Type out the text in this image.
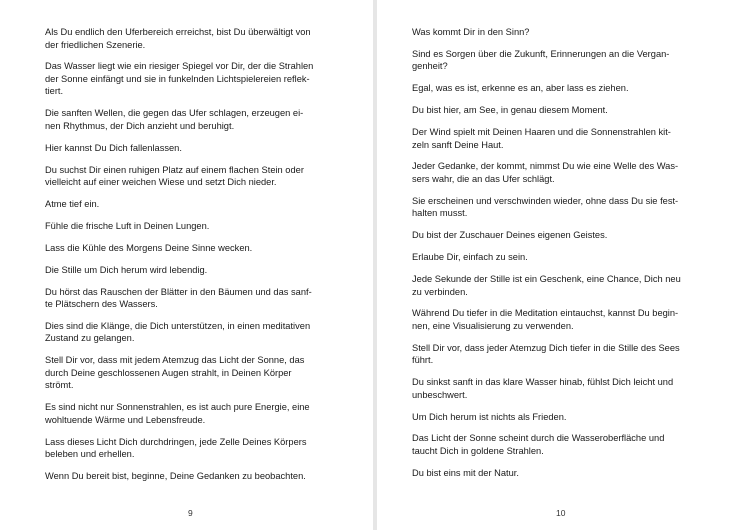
Als Du endlich den Uferbereich erreichst, bist Du überwältigt von
der friedlichen Szenerie.

Das Wasser liegt wie ein riesiger Spiegel vor Dir, der die Strahlen
der Sonne einfängt und sie in funkelnden Lichtspielereien reflek-
tiert.

Die sanften Wellen, die gegen das Ufer schlagen, erzeugen ei-
nen Rhythmus, der Dich anzieht und beruhigt.

Hier kannst Du Dich fallenlassen.

Du suchst Dir einen ruhigen Platz auf einem flachen Stein oder
vielleicht auf einer weichen Wiese und setzt Dich nieder.

Atme tief ein.

Fühle die frische Luft in Deinen Lungen.

Lass die Kühle des Morgens Deine Sinne wecken.

Die Stille um Dich herum wird lebendig.

Du hörst das Rauschen der Blätter in den Bäumen und das sanf-
te Plätschern des Wassers.

Dies sind die Klänge, die Dich unterstützen, in einen meditativen
Zustand zu gelangen.

Stell Dir vor, dass mit jedem Atemzug das Licht der Sonne, das
durch Deine geschlossenen Augen strahlt, in Deinen Körper
strömt.

Es sind nicht nur Sonnenstrahlen, es ist auch pure Energie, eine
wohltuende Wärme und Lebensfreude.

Lass dieses Licht Dich durchdringen, jede Zelle Deines Körpers
beleben und erhellen.

Wenn Du bereit bist, beginne, Deine Gedanken zu beobachten.

9

Was kommt Dir in den Sinn?

Sind es Sorgen über die Zukunft, Erinnerungen an die Vergan-
genheit?

Egal, was es ist, erkenne es an, aber lass es ziehen.

Du bist hier, am See, in genau diesem Moment.

Der Wind spielt mit Deinen Haaren und die Sonnenstrahlen kit-
zeln sanft Deine Haut.

Jeder Gedanke, der kommt, nimmst Du wie eine Welle des Was-
sers wahr, die an das Ufer schlägt.

Sie erscheinen und verschwinden wieder, ohne dass Du sie fest-
halten musst.

Du bist der Zuschauer Deines eigenen Geistes.

Erlaube Dir, einfach zu sein.

Jede Sekunde der Stille ist ein Geschenk, eine Chance, Dich neu
zu verbinden.

Während Du tiefer in die Meditation eintauchst, kannst Du begin-
nen, eine Visualisierung zu verwenden.

Stell Dir vor, dass jeder Atemzug Dich tiefer in die Stille des Sees
führt.

Du sinkst sanft in das klare Wasser hinab, fühlst Dich leicht und
unbeschwert.

Um Dich herum ist nichts als Frieden.

Das Licht der Sonne scheint durch die Wasseroberfläche und
taucht Dich in goldene Strahlen.

Du bist eins mit der Natur.

10
